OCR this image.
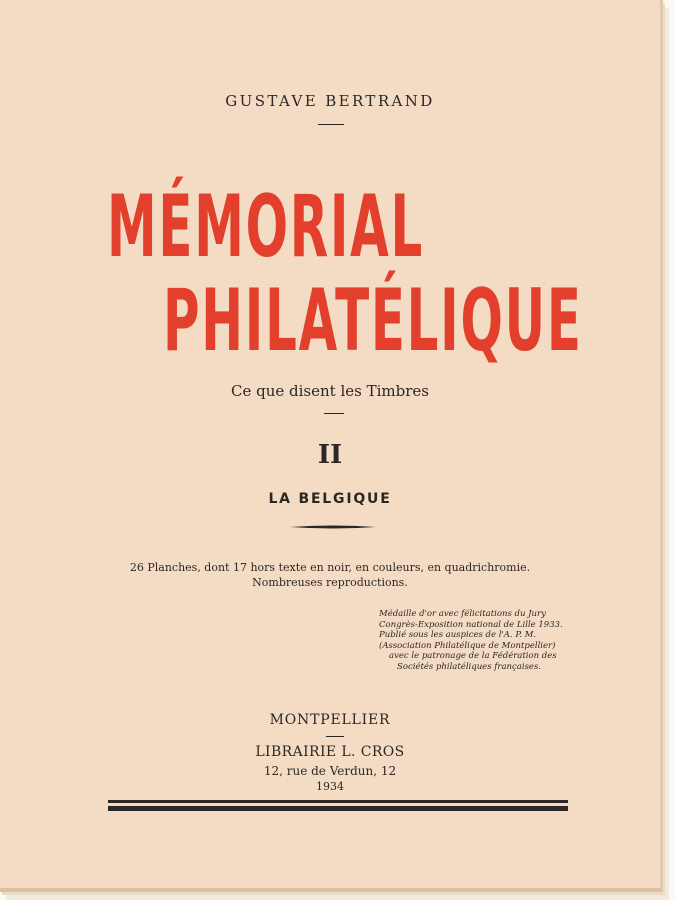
GUSTAVE BERTRAND
MÉMORIAL
PHILATÉLIQUE
Ce que disent les Timbres
II
LA BELGIQUE
26 Planches, dont 17 hors texte en noir, en couleurs, en quadrichromie.
Nombreuses reproductions.
Médaille d'or avec félicitations du Jury
Congrès-Exposition national de Lille 1933.
Publié sous les auspices de l'A. P. M.
(Association Philatélique de Montpellier)
avec le patronage de la Fédération des
Sociétés philatéliques françaises.
MONTPELLIER
LIBRAIRIE L. CROS
12, rue de Verdun, 12
1934
